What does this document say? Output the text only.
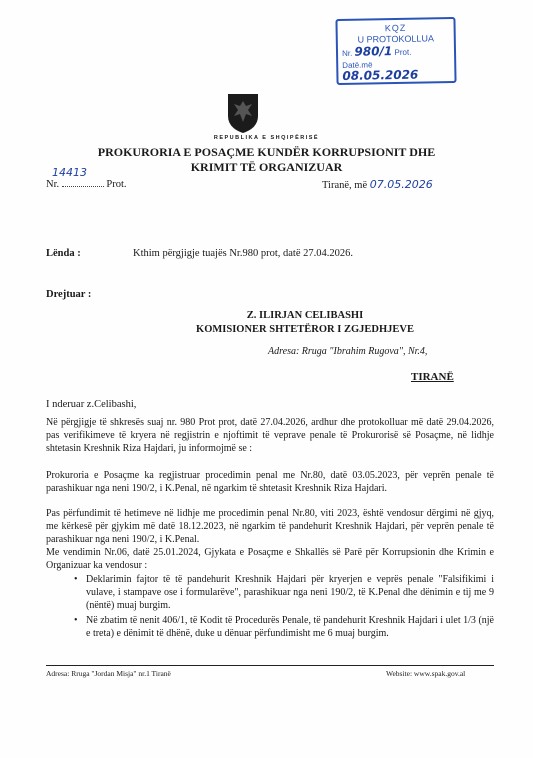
KQZ
U PROTOKOLLUA
Nr. 980/1 Prot.
Datë.më 08.05.2026
REPUBLIKA E SHQIPËRISË
PROKURORIA E POSAÇME KUNDËR KORRUPSIONIT DHE KRIMIT TË ORGANIZUAR
14413
Nr.	Prot.	Tiranë, më 07.05.2026
Lënda :	Kthim përgjigje tuajës Nr.980 prot, datë 27.04.2026.
Drejtuar :
Z. ILIRJAN CELIBASHI
KOMISIONER SHTETËROR I ZGJEDHJEVE
Adresa: Rruga "Ibrahim Rugova", Nr.4,
TIRANË
I nderuar z.Celibashi,

Në përgjigje të shkresës suaj nr. 980 Prot prot, datë 27.04.2026, ardhur dhe protokolluar më datë 29.04.2026, pas verifikimeve të kryera në regjistrin e njoftimit të veprave penale të Prokurorisë së Posaçme, në lidhje shtetasin Kreshnik Riza Hajdari, ju informojmë se :

Prokuroria e Posaçme ka regjistruar procedimin penal me Nr.80, datë 03.05.2023, për veprën penale të parashikuar nga neni 190/2, i K.Penal, në ngarkim të shtetasit Kreshnik Riza Hajdari.

Pas përfundimit të hetimeve në lidhje me procedimin penal Nr.80, viti 2023, është vendosur dërgimi në gjyq, me kërkesë për gjykim më datë 18.12.2023, në ngarkim të pandehurit Kreshnik Hajdari, për veprën penale të parashikuar nga neni 190/2, i K.Penal.

Me vendimin Nr.06, datë 25.01.2024, Gjykata e Posaçme e Shkallës së Parë për Korrupsionin dhe Krimin e Organizuar ka vendosur :

• Deklarimin fajtor të të pandehurit Kreshnik Hajdari për kryerjen e veprës penale "Falsifikimi i vulave, i stampave ose i formularëve", parashikuar nga neni 190/2, të K.Penal dhe dënimin e tij me 9 (nëntë) muaj burgim.
• Në zbatim të nenit 406/1, të Kodit të Procedurës Penale, të pandehurit Kreshnik Hajdari i ulet 1/3 (një e treta) e dënimit të dhënë, duke u dënuar përfundimisht me 6 muaj burgim.
Adresa: Rruga "Jordan Misja" nr.1 Tiranë	Website: www.spak.gov.al
